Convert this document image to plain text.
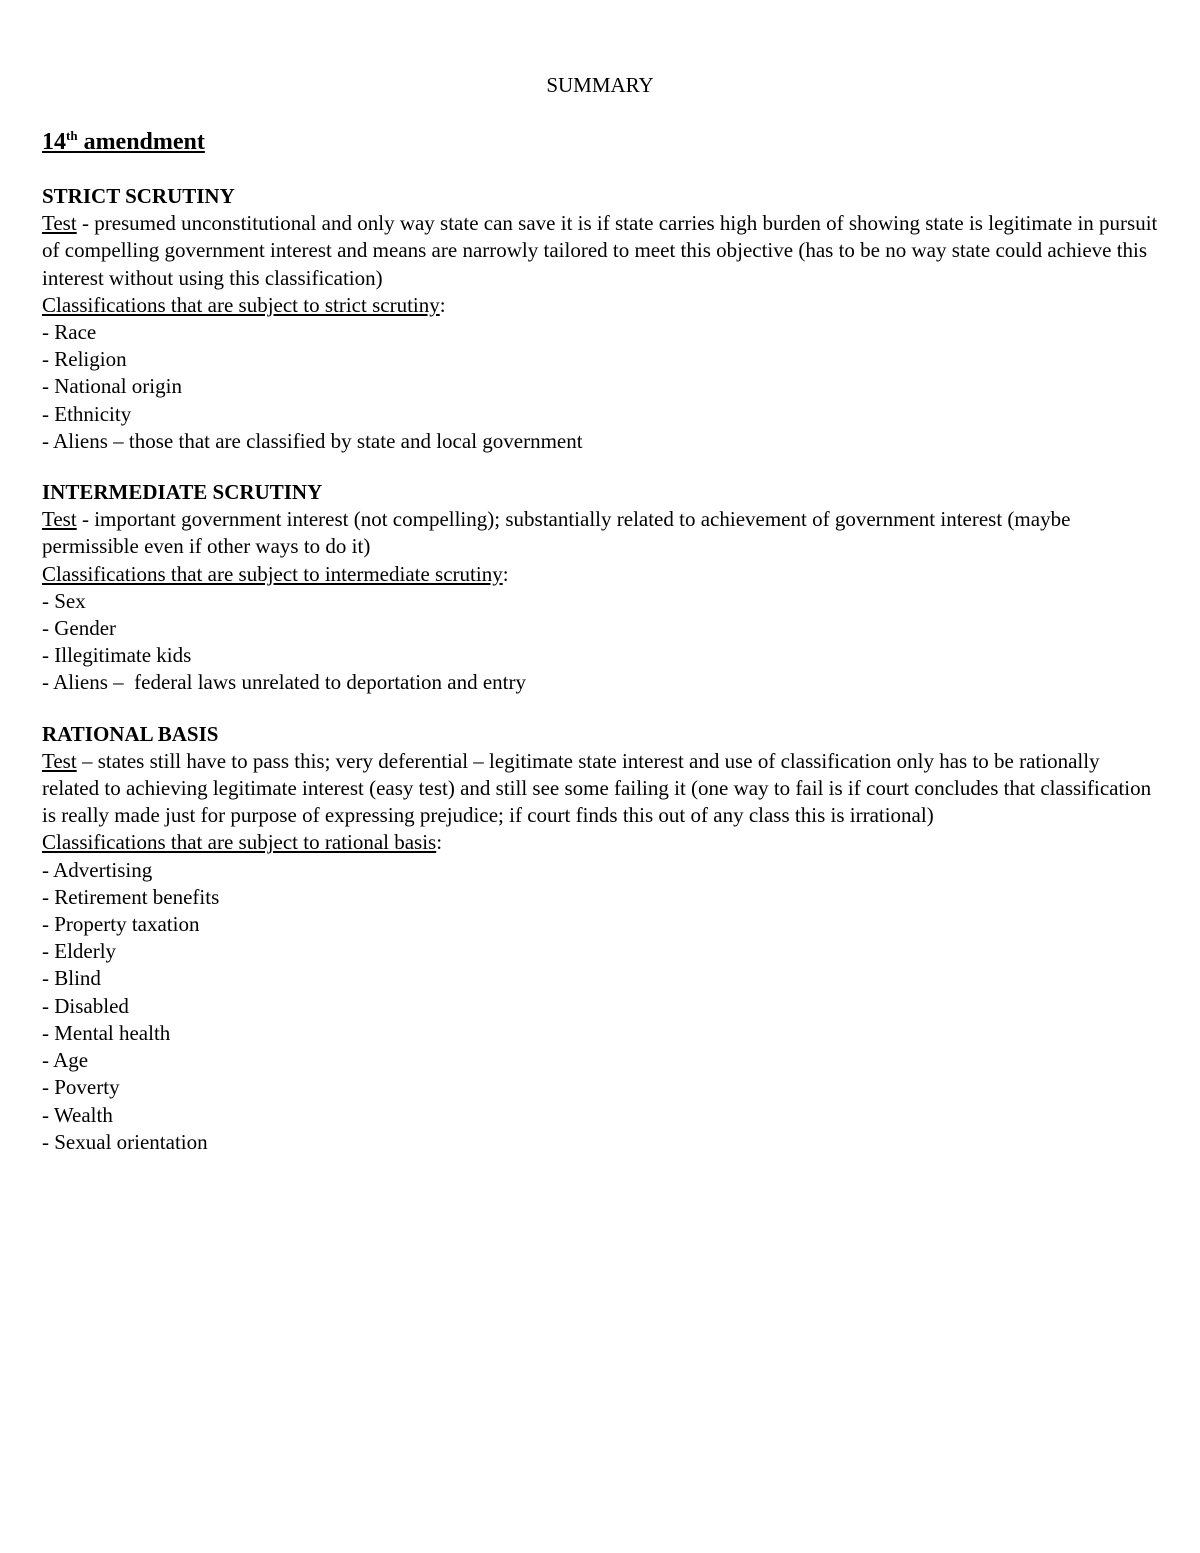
SUMMARY

14th amendment
STRICT SCRUTINY

Test - presumed unconstitutional and only way state can save it is if state carries high burden of showing state is legitimate in pursuit of compelling government interest and means are narrowly tailored to meet this objective (has to be no way state could achieve this interest without using this classification)

Classifications that are subject to strict scrutiny:

- Race
- Religion
- National origin
- Ethnicity
- Aliens – those that are classified by state and local government
INTERMEDIATE SCRUTINY

Test - important government interest (not compelling); substantially related to achievement of government interest (maybe permissible even if other ways to do it)

Classifications that are subject to intermediate scrutiny:

- Sex
- Gender
- Illegitimate kids
- Aliens –  federal laws unrelated to deportation and entry
RATIONAL BASIS

Test – states still have to pass this; very deferential – legitimate state interest and use of classification only has to be rationally related to achieving legitimate interest (easy test) and still see some failing it (one way to fail is if court concludes that classification is really made just for purpose of expressing prejudice; if court finds this out of any class this is irrational)

Classifications that are subject to rational basis:

- Advertising
- Retirement benefits
- Property taxation
- Elderly
- Blind
- Disabled
- Mental health
- Age
- Poverty
- Wealth
- Sexual orientation
